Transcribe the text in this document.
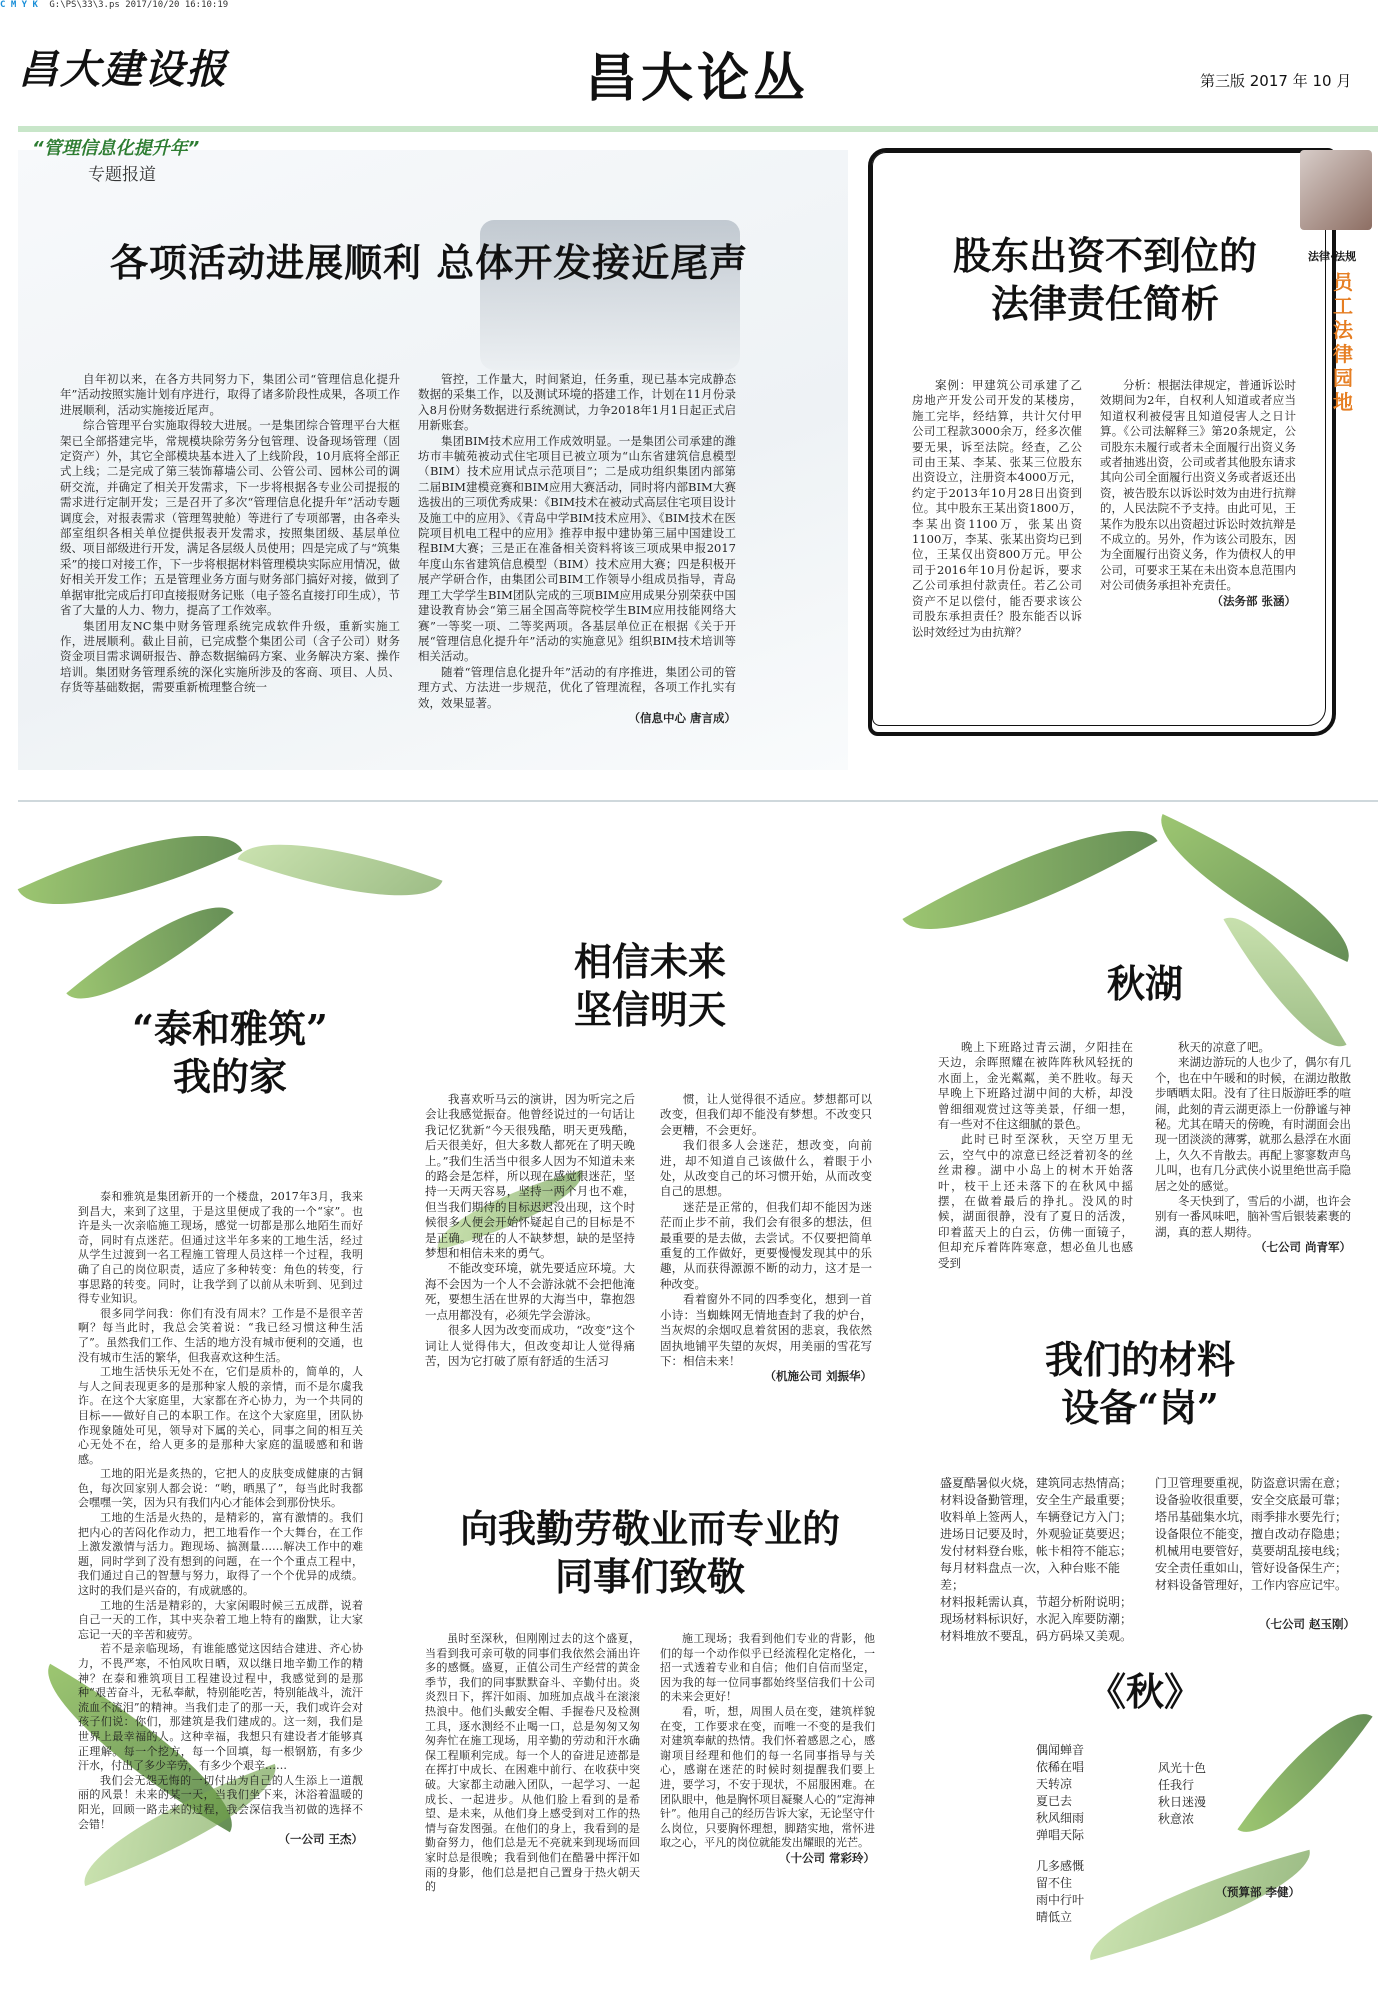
C M Y K G:\PS\33\3.ps 2017/10/20 16:10:19
昌大建设报	昌大论丛	第三版 2017 年 10 月
“管理信息化提升年”
专题报道
各项活动进展顺利 总体开发接近尾声

自年初以来，在各方共同努力下，集团公司“管理信息化提升年”活动按照实施计划有序进行，取得了诸多阶段性成果，各项工作进展顺利，活动实施接近尾声。

综合管理平台实施取得较大进展。一是集团综合管理平台大框架已全部搭建完毕，常规模块除劳务分包管理、设备现场管理（固定资产）外，其它全部模块基本进入了上线阶段，10月底将全部正式上线；二是完成了第三装饰幕墙公司、公管公司、园林公司的调研交流，并确定了相关开发需求，下一步将根据各专业公司提报的需求进行定制开发；三是召开了多次“管理信息化提升年”活动专题调度会，对报表需求（管理驾驶舱）等进行了专项部署，由各牵头部室组织各相关单位提供报表开发需求，按照集团级、基层单位级、项目部级进行开发，满足各层级人员使用；四是完成了与“筑集采”的接口对接工作，下一步将根据材料管理模块实际应用情况，做好相关开发工作；五是管理业务方面与财务部门搞好对接，做到了单据审批完成后打印直接报财务记账（电子签名直接打印生成），节省了大量的人力、物力，提高了工作效率。

集团用友NC集中财务管理系统完成软件升级，重新实施工作，进展顺利。截止目前，已完成整个集团公司（含子公司）财务资金项目需求调研报告、静态数据编码方案、业务解决方案、操作培训。集团财务管理系统的深化实施所涉及的客商、项目、人员、存货等基础数据，需要重新梳理整合统一

管控，工作量大，时间紧迫，任务重，现已基本完成静态数据的采集工作，以及测试环境的搭建工作，计划在11月份录入8月份财务数据进行系统测试，力争2018年1月1日起正式启用新账套。

集团BIM技术应用工作成效明显。一是集团公司承建的潍坊市丰毓苑被动式住宅项目已被立项为“山东省建筑信息模型（BIM）技术应用试点示范项目”；二是成功组织集团内部第二届BIM建模竞赛和BIM应用大赛活动，同时将内部BIM大赛选拔出的三项优秀成果：《BIM技术在被动式高层住宅项目设计及施工中的应用》、《青岛中学BIM技术应用》、《BIM技术在医院项目机电工程中的应用》推荐申报中建协第三届中国建设工程BIM大赛；三是正在准备相关资料将该三项成果申报2017年度山东省建筑信息模型（BIM）技术应用大赛；四是积极开展产学研合作，由集团公司BIM工作领导小组成员指导，青岛理工大学学生BIM团队完成的三项BIM应用成果分别荣获中国建设教育协会“第三届全国高等院校学生BIM应用技能网络大赛”一等奖一项、二等奖两项。各基层单位正在根据《关于开展“管理信息化提升年”活动的实施意见》组织BIM技术培训等相关活动。

随着“管理信息化提升年”活动的有序推进，集团公司的管理方式、方法进一步规范，优化了管理流程，各项工作扎实有效，效果显著。

（信息中心 唐言成）
股东出资不到位的
法律责任简析
案例：甲建筑公司承建了乙房地产开发公司开发的某楼房，施工完毕，经结算，共计欠付甲公司工程款3000余万，经多次催要无果，诉至法院。经查，乙公司由王某、李某、张某三位股东出资设立，注册资本4000万元，约定于2013年10月28日出资到位。其中股东王某出资1800万，李某出资1100万，张某出资1100万，李某、张某出资均已到位，王某仅出资800万元。甲公司于2016年10月份起诉，要求乙公司承担付款责任。若乙公司资产不足以偿付，能否要求该公司股东承担责任？股东能否以诉讼时效经过为由抗辩？
分析：根据法律规定，普通诉讼时效期间为2年，自权利人知道或者应当知道权利被侵害且知道侵害人之日计算。《公司法解释三》第20条规定，公司股东未履行或者未全面履行出资义务或者抽逃出资，公司或者其他股东请求其向公司全面履行出资义务或者返还出资，被告股东以诉讼时效为由进行抗辩的，人民法院不予支持。由此可见，王某作为股东以出资超过诉讼时效抗辩是不成立的。另外，作为该公司股东，因为全面履行出资义务，作为债权人的甲公司，可要求王某在未出资本息范围内对公司债务承担补充责任。
（法务部 张涵）
法律·法规
员工法律园地
“泰和雅筑”
我的家

泰和雅筑是集团新开的一个楼盘，2017年3月，我来到昌大，来到了这里，于是这里便成了我的一个“家”。也许是头一次亲临施工现场，感觉一切都是那么地陌生而好奇，同时有点迷茫。但通过这半年多来的工地生活，经过从学生过渡到一名工程施工管理人员这样一个过程，我明确了自己的岗位职责，适应了多种转变：角色的转变，行事思路的转变。同时，让我学到了以前从未听到、见到过得专业知识。

很多同学问我：你们有没有周末？工作是不是很辛苦啊？每当此时，我总会笑着说：“我已经习惯这种生活了”。虽然我们工作、生活的地方没有城市便利的交通，也没有城市生活的繁华，但我喜欢这种生活。

工地生活快乐无处不在，它们是质朴的，简单的，人与人之间表现更多的是那种家人般的亲情，而不是尔虞我诈。在这个大家庭里，大家都在齐心协力，为一个共同的目标——做好自己的本职工作。在这个大家庭里，团队协作现象随处可见，领导对下属的关心，同事之间的相互关心无处不在，给人更多的是那种大家庭的温暖感和和谐感。

工地的阳光是炙热的，它把人的皮肤变成健康的古铜色，每次回家别人都会说：“哟，晒黑了”，每当此时我都会嘿嘿一笑，因为只有我们内心才能体会到那份快乐。

工地的生活是火热的，是精彩的，富有激情的。我们把内心的苦闷化作动力，把工地看作一个大舞台，在工作上激发激情与活力。跑现场、搞测量……解决工作中的难题，同时学到了没有想到的问题，在一个个重点工程中，我们通过自己的智慧与努力，取得了一个个优异的成绩。这时的我们是兴奋的，有成就感的。

工地的生活是精彩的，大家闲暇时候三五成群，说着自己一天的工作，其中夹杂着工地上特有的幽默，让大家忘记一天的辛苦和疲劳。

若不是亲临现场，有谁能感觉这因结合建进、齐心协力，不畏严寒，不怕风吹日晒，双以继日地辛勤工作的精神？在泰和雅筑项目工程建设过程中，我感觉到的是那种“艰苦奋斗，无私奉献，特别能吃苦，特别能战斗，流汗流血不流泪”的精神。当我们走了的那一天，我们或许会对孩子们说：你们，那建筑是我们建成的。这一刻，我们是世界上最幸福的人。这种幸福，我想只有建设者才能够真正理解。每一个挖方，每一个回填，每一根钢筋，有多少汗水，付出了多少辛劳，有多少个艰辛……

我们会无怨无悔的一切付出为自己的人生添上一道靓丽的风景！未来的某一天，当我们坐下来，沐浴着温暖的阳光，回顾一路走来的过程，我会深信我当初做的选择不会错！

（一公司 王杰）
相信未来
坚信明天

我喜欢听马云的演讲，因为听完之后会让我感觉振奋。他曾经说过的一句话让我记忆犹新“今天很残酷，明天更残酷，后天很美好，但大多数人都死在了明天晚上。”我们生活当中很多人因为不知道未来的路会是怎样，所以现在感觉很迷茫，坚持一天两天容易，坚持一两个月也不难，但当我们期待的目标迟迟没出现，这个时候很多人便会开始怀疑起自己的目标是不是正确。现在的人不缺梦想，缺的是坚持梦想和相信未来的勇气。

不能改变环境，就先要适应环境。大海不会因为一个人不会游泳就不会把他淹死，要想生活在世界的大海当中，靠抱怨一点用都没有，必须先学会游泳。

很多人因为改变而成功，“改变”这个词让人觉得伟大，但改变却让人觉得痛苦，因为它打破了原有舒适的生活习

惯，让人觉得很不适应。梦想都可以改变，但我们却不能没有梦想。不改变只会更糟，不会更好。

我们很多人会迷茫，想改变，向前进，却不知道自己该做什么，着眼于小处，从改变自己的坏习惯开始，从而改变自己的思想。

迷茫是正常的，但我们却不能因为迷茫而止步不前，我们会有很多的想法，但最重要的是去做，去尝试。不仅要把简单重复的工作做好，更要慢慢发现其中的乐趣，从而获得源源不断的动力，这才是一种改变。

看着窗外不同的四季变化，想到一首小诗：当蜘蛛网无情地查封了我的炉台，当灰烬的余烟叹息着贫困的悲哀，我依然固执地铺平失望的灰烬，用美丽的雪花写下：相信未来！

（机施公司 刘振华）
向我勤劳敬业而专业的
同事们致敬

虽时至深秋，但刚刚过去的这个盛夏，当看到我可亲可敬的同事们我依然会涌出许多的感慨。盛夏，正值公司生产经营的黄金季节，我们的同事默默奋斗、辛勤付出。炎炎烈日下，挥汗如雨、加班加点战斗在滚滚热浪中。他们头戴安全帽、手握卷尺及检测工具，逐水测经不止喝一口，总是匆匆又匆匆奔忙在施工现场，用辛勤的劳动和汗水确保工程顺利完成。每一个人的奋进足迹都是在挥打中成长、在困难中前行、在收获中突破。大家都主动融入团队，一起学习、一起成长、一起进步。从他们脸上看到的是希望、是未来，从他们身上感受到对工作的热情与奋发图强。在他们的身上，我看到的是勤奋努力，他们总是无不亮就来到现场而回家时总是很晚；我看到他们在酷暑中挥汗如雨的身影，他们总是把自己置身于热火朝天的

施工现场；我看到他们专业的背影，他们的每一个动作似乎已经流程化定格化，一招一式透着专业和自信；他们自信而坚定，因为我的每一位同事都始终坚信我们十公司的未来会更好！

看，听，想，周围人员在变，建筑样貌在变，工作要求在变，而唯一不变的是我们对建筑奉献的热情。我们怀着感恩之心，感谢项目经理和他们的每一名同事指导与关心，感谢在迷茫的时候时刻提醒我们要上进，要学习，不安于现状，不屈服困难。在团队眼中，他是胸怀项目凝聚人心的“定海神针”。他用自己的经历告诉大家，无论坚守什么岗位，只要胸怀理想，脚踏实地，常怀进取之心，平凡的岗位就能发出耀眼的光芒。

（十公司 常彩玲）
秋湖

晚上下班路过青云湖，夕阳挂在天边，余晖照耀在被阵阵秋风轻抚的水面上，金光粼粼，美不胜收。每天早晚上下班路过湖中间的大桥，却没曾细细观赏过这等美景，仔细一想，有一些对不住这细腻的景色。

此时已时至深秋，天空万里无云，空气中的凉意已经泛着初冬的丝丝肃穆。湖中小岛上的树木开始落叶，枝干上还未落下的在秋风中摇摆，在做着最后的挣扎。没风的时候，湖面很静，没有了夏日的活泼，印着蓝天上的白云，仿佛一面镜子，但却充斥着阵阵寒意，想必鱼儿也感受到

秋天的凉意了吧。

来湖边游玩的人也少了，偶尔有几个，也在中午暖和的时候，在湖边散散步晒晒太阳。没有了往日版游旺季的喧闹，此刻的青云湖更添上一份静谧与神秘。尤其在晴天的傍晚，有时湖面会出现一团淡淡的薄雾，就那么悬浮在水面上，久久不肯散去。再配上寥寥数声鸟儿叫，也有几分武侠小说里绝世高手隐居之处的感觉。

冬天快到了，雪后的小湖，也许会别有一番风味吧，脑补雪后银装素裹的湖，真的惹人期待。

（七公司 尚青军）
我们的材料
设备“岗”
盛夏酷暑似火烧，建筑同志热情高；
材料设备勤管理，安全生产最重要；
收料单上签两人，车辆登记方入门；
进场日记要及时，外观验证莫要迟；
发付材料登台账，帐卡相符不能忘；
每月材料盘点一次，入种台账不能差；
材料报耗需认真，节超分析附说明；
现场材料标识好，水泥入库要防潮；
材料堆放不要乱，码方码垛又美观。
门卫管理要重视，防盗意识需在意；
设备验收很重要，安全交底最可靠；
塔吊基础集水坑，雨季排水要先行；
设备限位不能变，擅自改动存隐患；
机械用电要管好，莫要胡乱接电线；
安全责任重如山，管好设备保生产；
材料设备管理好，工作内容应记牢。
（七公司 赵玉刚）
《秋》
偶闻蝉音
依稀在唱
天转凉
夏已去
秋风细雨
弹唱天际
几多感慨
留不住
雨中行叶
晴低立
风光十色
任我行
秋日迷漫
秋意浓
（预算部 李健）
